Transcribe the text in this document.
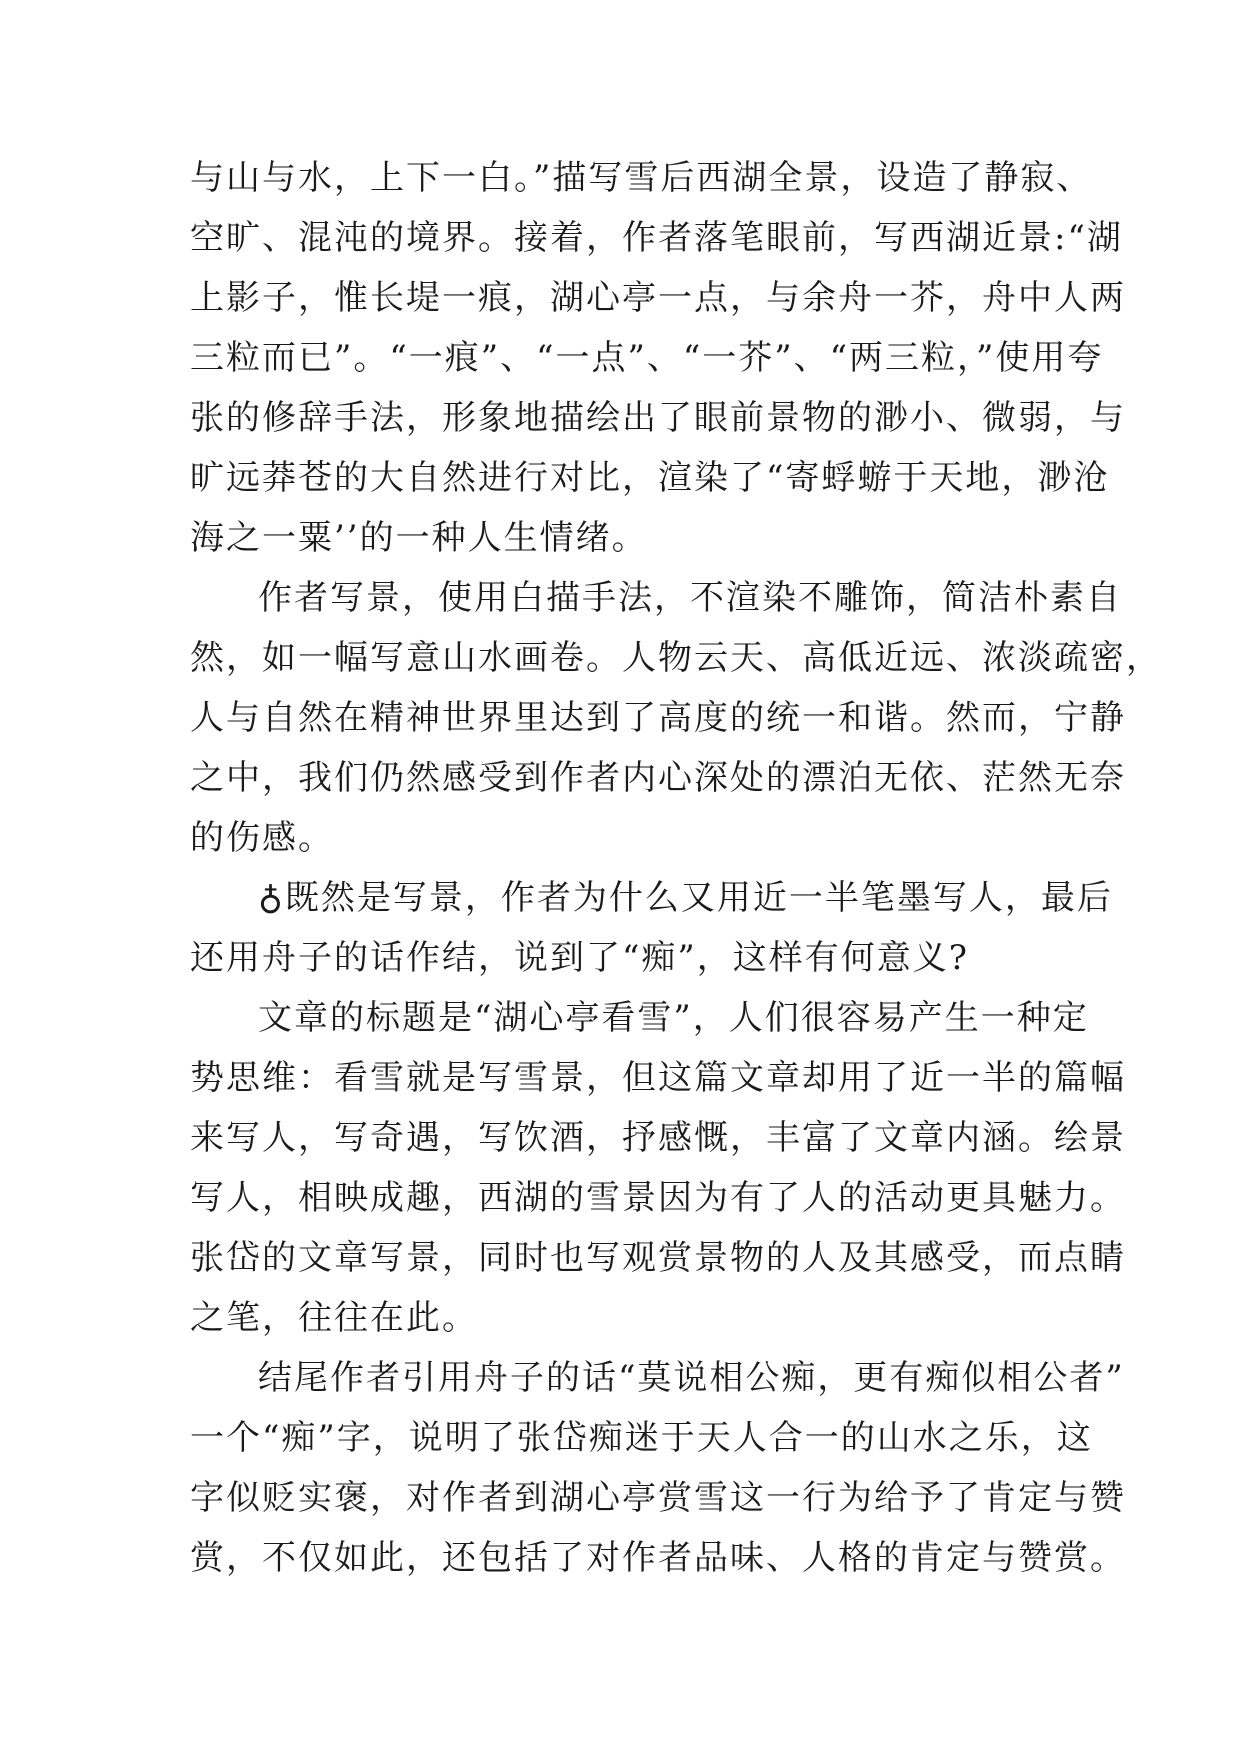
与山与水，上下一白。”描写雪后西湖全景，设造了静寂、
空旷、混沌的境界。接着，作者落笔眼前，写西湖近景:“湖
上影子，惟长堤一痕，湖心亭一点，与余舟一芥，舟中人两
三粒而已”。“一痕”、“一点”、“一芥”、“两三粒，”使用夸
张的修辞手法，形象地描绘出了眼前景物的渺小、微弱，与
旷远莽苍的大自然进行对比，渲染了“寄蜉蝣于天地，渺沧
海之一粟’’的一种人生情绪。
作者写景，使用白描手法，不渲染不雕饰，简洁朴素自
然，如一幅写意山水画卷。人物云天、高低近远、浓淡疏密，
人与自然在精神世界里达到了高度的统一和谐。然而，宁静
之中，我们仍然感受到作者内心深处的漂泊无依、茫然无奈
的伤感。
♁既然是写景，作者为什么又用近一半笔墨写人，最后
还用舟子的话作结，说到了“痴”，这样有何意义?
文章的标题是“湖心亭看雪”，人们很容易产生一种定
势思维：看雪就是写雪景，但这篇文章却用了近一半的篇幅
来写人，写奇遇，写饮酒，抒感慨，丰富了文章内涵。绘景
写人，相映成趣，西湖的雪景因为有了人的活动更具魅力。
张岱的文章写景，同时也写观赏景物的人及其感受，而点睛
之笔，往往在此。
结尾作者引用舟子的话“莫说相公痴，更有痴似相公者”
一个“痴”字，说明了张岱痴迷于天人合一的山水之乐，这
字似贬实褒，对作者到湖心亭赏雪这一行为给予了肯定与赞
赏，不仅如此，还包括了对作者品味、人格的肯定与赞赏。
